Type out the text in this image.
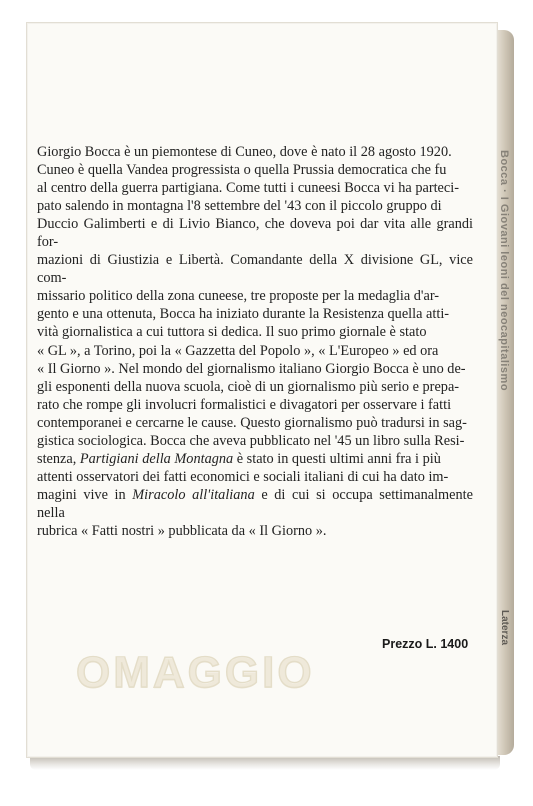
Bocca · I Giovani leoni del neocapitalismo
Laterza

Giorgio Bocca è un piemontese di Cuneo, dove è nato il 28 agosto 1920.
Cuneo è quella Vandea progressista o quella Prussia democratica che fu
al centro della guerra partigiana. Come tutti i cuneesi Bocca vi ha parteci-
pato salendo in montagna l'8 settembre del '43 con il piccolo gruppo di
Duccio Galimberti e di Livio Bianco, che doveva poi dar vita alle grandi for-
mazioni di Giustizia e Libertà. Comandante della X divisione GL, vice com-
missario politico della zona cuneese, tre proposte per la medaglia d'ar-
gento e una ottenuta, Bocca ha iniziato durante la Resistenza quella atti-
vità giornalistica a cui tuttora si dedica. Il suo primo giornale è stato
« GL », a Torino, poi la « Gazzetta del Popolo », « L'Europeo » ed ora
« Il Giorno ». Nel mondo del giornalismo italiano Giorgio Bocca è uno de-
gli esponenti della nuova scuola, cioè di un giornalismo più serio e prepa-
rato che rompe gli involucri formalistici e divagatori per osservare i fatti
contemporanei e cercarne le cause. Questo giornalismo può tradursi in sag-
gistica sociologica. Bocca che aveva pubblicato nel '45 un libro sulla Resi-
stenza, Partigiani della Montagna è stato in questi ultimi anni fra i più
attenti osservatori dei fatti economici e sociali italiani di cui ha dato im-
magini vive in Miracolo all'italiana e di cui si occupa settimanalmente nella
rubrica « Fatti nostri » pubblicata da « Il Giorno ».

Prezzo L. 1400
OMAGGIO
